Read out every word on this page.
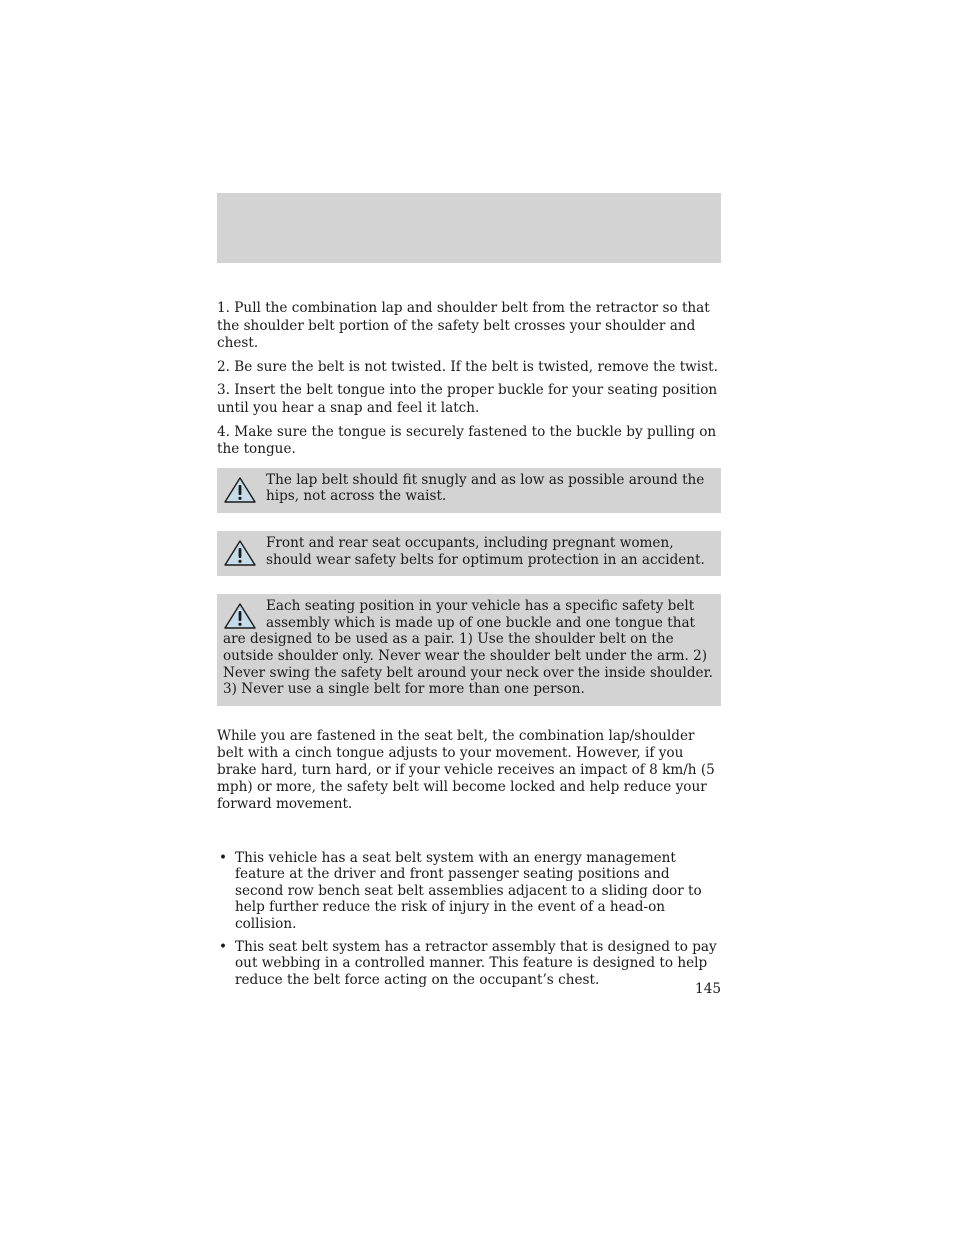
1. Pull the combination lap and shoulder belt from the retractor so that the shoulder belt portion of the safety belt crosses your shoulder and chest.

2. Be sure the belt is not twisted. If the belt is twisted, remove the twist.

3. Insert the belt tongue into the proper buckle for your seating position until you hear a snap and feel it latch.

4. Make sure the tongue is securely fastened to the buckle by pulling on the tongue.

The lap belt should fit snugly and as low as possible around the hips, not across the waist.
Front and rear seat occupants, including pregnant women, should wear safety belts for optimum protection in an accident.
Each seating position in your vehicle has a specific safety belt assembly which is made up of one buckle and one tongue that are designed to be used as a pair. 1) Use the shoulder belt on the outside shoulder only. Never wear the shoulder belt under the arm. 2) Never swing the safety belt around your neck over the inside shoulder. 3) Never use a single belt for more than one person.

While you are fastened in the seat belt, the combination lap/shoulder belt with a cinch tongue adjusts to your movement. However, if you brake hard, turn hard, or if your vehicle receives an impact of 8 km/h (5 mph) or more, the safety belt will become locked and help reduce your forward movement.

• This vehicle has a seat belt system with an energy management feature at the driver and front passenger seating positions and second row bench seat belt assemblies adjacent to a sliding door to help further reduce the risk of injury in the event of a head-on collision.
• This seat belt system has a retractor assembly that is designed to pay out webbing in a controlled manner. This feature is designed to help reduce the belt force acting on the occupant’s chest.
145
